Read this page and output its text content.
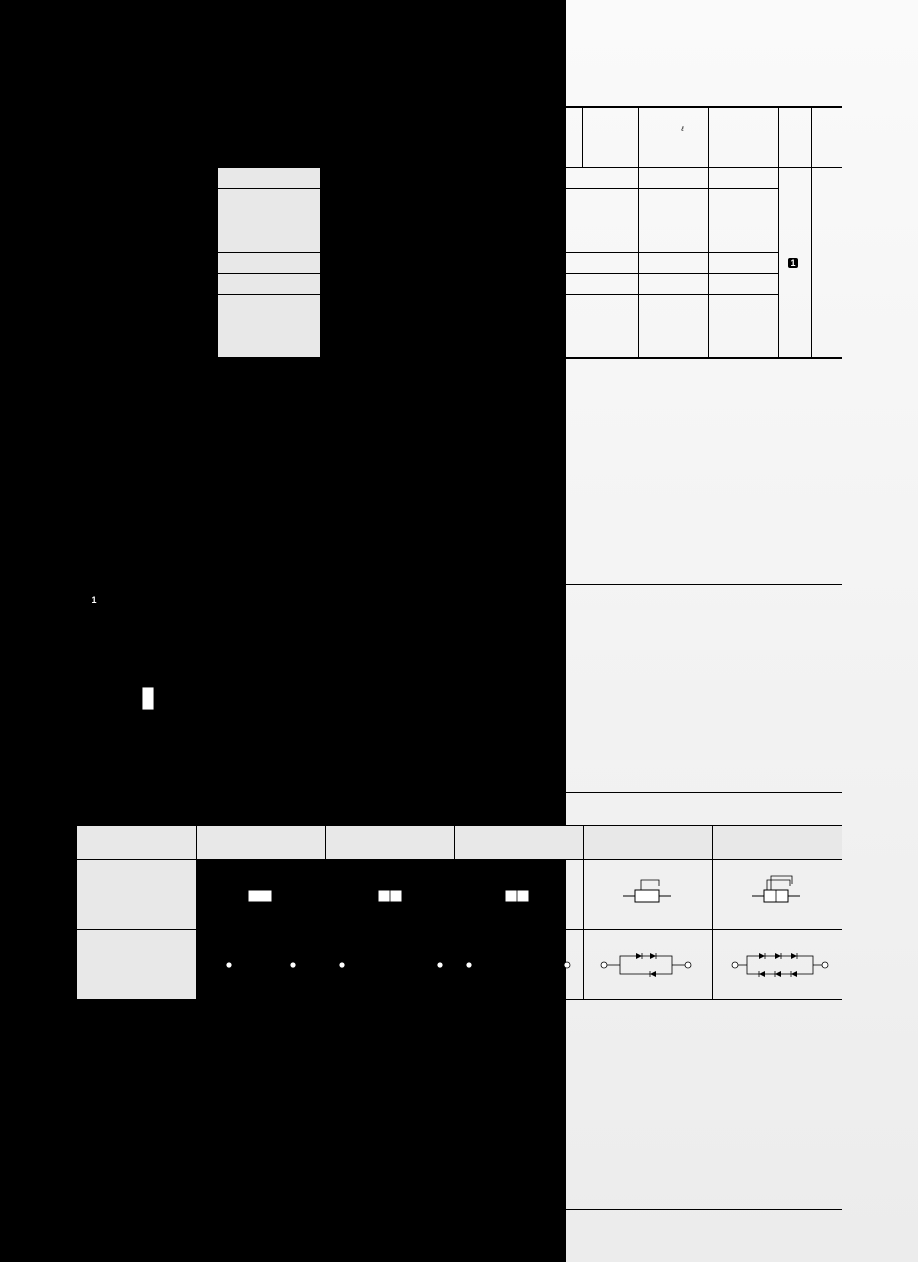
ℓ
1
1
ϕ
ϕ
